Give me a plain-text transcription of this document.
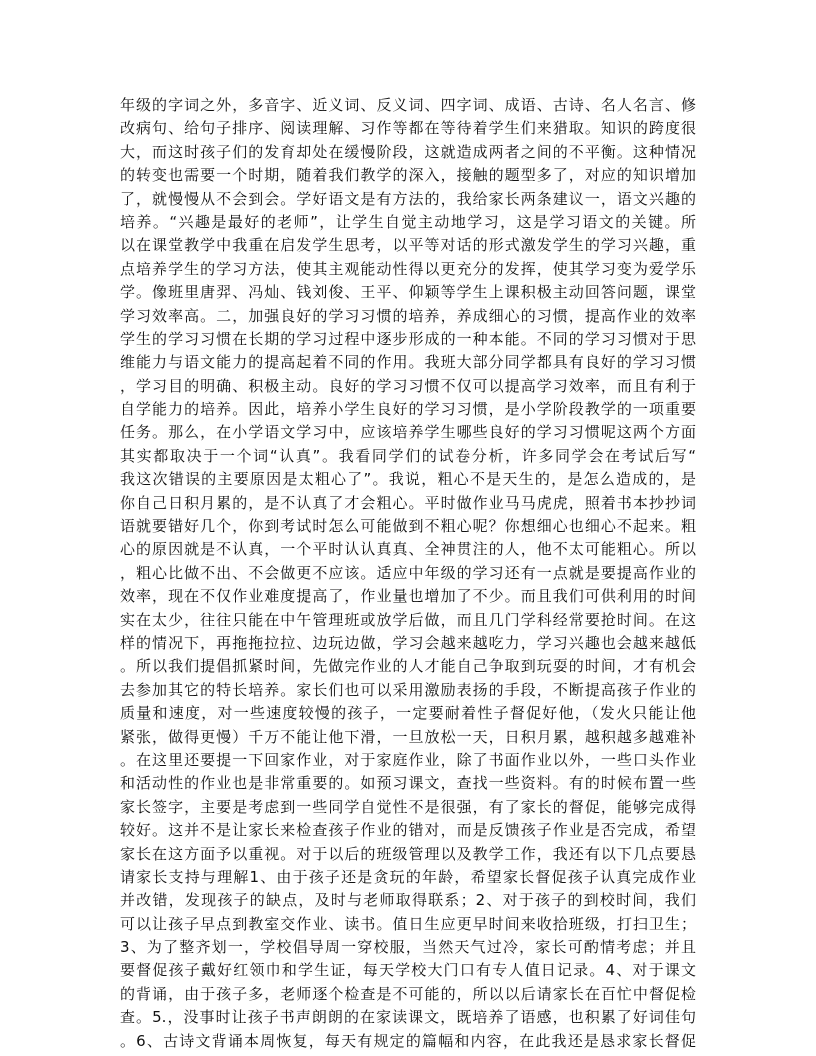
年级的字词之外，多音字、近义词、反义词、四字词、成语、古诗、名人名言、修
改病句、给句子排序、阅读理解、习作等都在等待着学生们来猎取。知识的跨度很
大，而这时孩子们的发育却处在缓慢阶段，这就造成两者之间的不平衡。这种情况
的转变也需要一个时期，随着我们教学的深入，接触的题型多了，对应的知识增加
了，就慢慢从不会到会。学好语文是有方法的，我给家长两条建议一，语文兴趣的
培养。“兴趣是最好的老师”，让学生自觉主动地学习，这是学习语文的关键。所
以在课堂教学中我重在启发学生思考，以平等对话的形式激发学生的学习兴趣，重
点培养学生的学习方法，使其主观能动性得以更充分的发挥，使其学习变为爱学乐
学。像班里唐羿、冯灿、钱刘俊、王平、仰颖等学生上课积极主动回答问题，课堂
学习效率高。二，加强良好的学习习惯的培养，养成细心的习惯，提高作业的效率
学生的学习习惯在长期的学习过程中逐步形成的一种本能。不同的学习习惯对于思
维能力与语文能力的提高起着不同的作用。我班大部分同学都具有良好的学习习惯
，学习目的明确、积极主动。良好的学习习惯不仅可以提高学习效率，而且有利于
自学能力的培养。因此，培养小学生良好的学习习惯，是小学阶段教学的一项重要
任务。那么，在小学语文学习中，应该培养学生哪些良好的学习习惯呢这两个方面
其实都取决于一个词“认真”。我看同学们的试卷分析，许多同学会在考试后写“
我这次错误的主要原因是太粗心了”。我说，粗心不是天生的，是怎么造成的，是
你自己日积月累的，是不认真了才会粗心。平时做作业马马虎虎，照着书本抄抄词
语就要错好几个，你到考试时怎么可能做到不粗心呢？你想细心也细心不起来。粗
心的原因就是不认真，一个平时认认真真、全神贯注的人，他不太可能粗心。所以
，粗心比做不出、不会做更不应该。适应中年级的学习还有一点就是要提高作业的
效率，现在不仅作业难度提高了，作业量也增加了不少。而且我们可供利用的时间
实在太少，往往只能在中午管理班或放学后做，而且几门学科经常要抢时间。在这
样的情况下，再拖拖拉拉、边玩边做，学习会越来越吃力，学习兴趣也会越来越低
。所以我们提倡抓紧时间，先做完作业的人才能自己争取到玩耍的时间，才有机会
去参加其它的特长培养。家长们也可以采用激励表扬的手段，不断提高孩子作业的
质量和速度，对一些速度较慢的孩子，一定要耐着性子督促好他，（发火只能让他
紧张，做得更慢）千万不能让他下滑，一旦放松一天，日积月累，越积越多越难补
。在这里还要提一下回家作业，对于家庭作业，除了书面作业以外，一些口头作业
和活动性的作业也是非常重要的。如预习课文，查找一些资料。有的时候布置一些
家长签字，主要是考虑到一些同学自觉性不是很强，有了家长的督促，能够完成得
较好。这并不是让家长来检查孩子作业的错对，而是反馈孩子作业是否完成，希望
家长在这方面予以重视。对于以后的班级管理以及教学工作，我还有以下几点要恳
请家长支持与理解1、由于孩子还是贪玩的年龄，希望家长督促孩子认真完成作业
并改错，发现孩子的缺点，及时与老师取得联系；2、对于孩子的到校时间，我们
可以让孩子早点到教室交作业、读书。值日生应更早时间来收拾班级，打扫卫生；
3、为了整齐划一，学校倡导周一穿校服，当然天气过冷，家长可酌情考虑；并且
要督促孩子戴好红领巾和学生证，每天学校大门口有专人值日记录。4、对于课文
的背诵，由于孩子多，老师逐个检查是不可能的，所以以后请家长在百忙中督促检
查。5.，没事时让孩子书声朗朗的在家读课文，既培养了语感，也积累了好词佳句
。6、古诗文背诵本周恢复，每天有规定的篇幅和内容，在此我还是恳求家长督促
